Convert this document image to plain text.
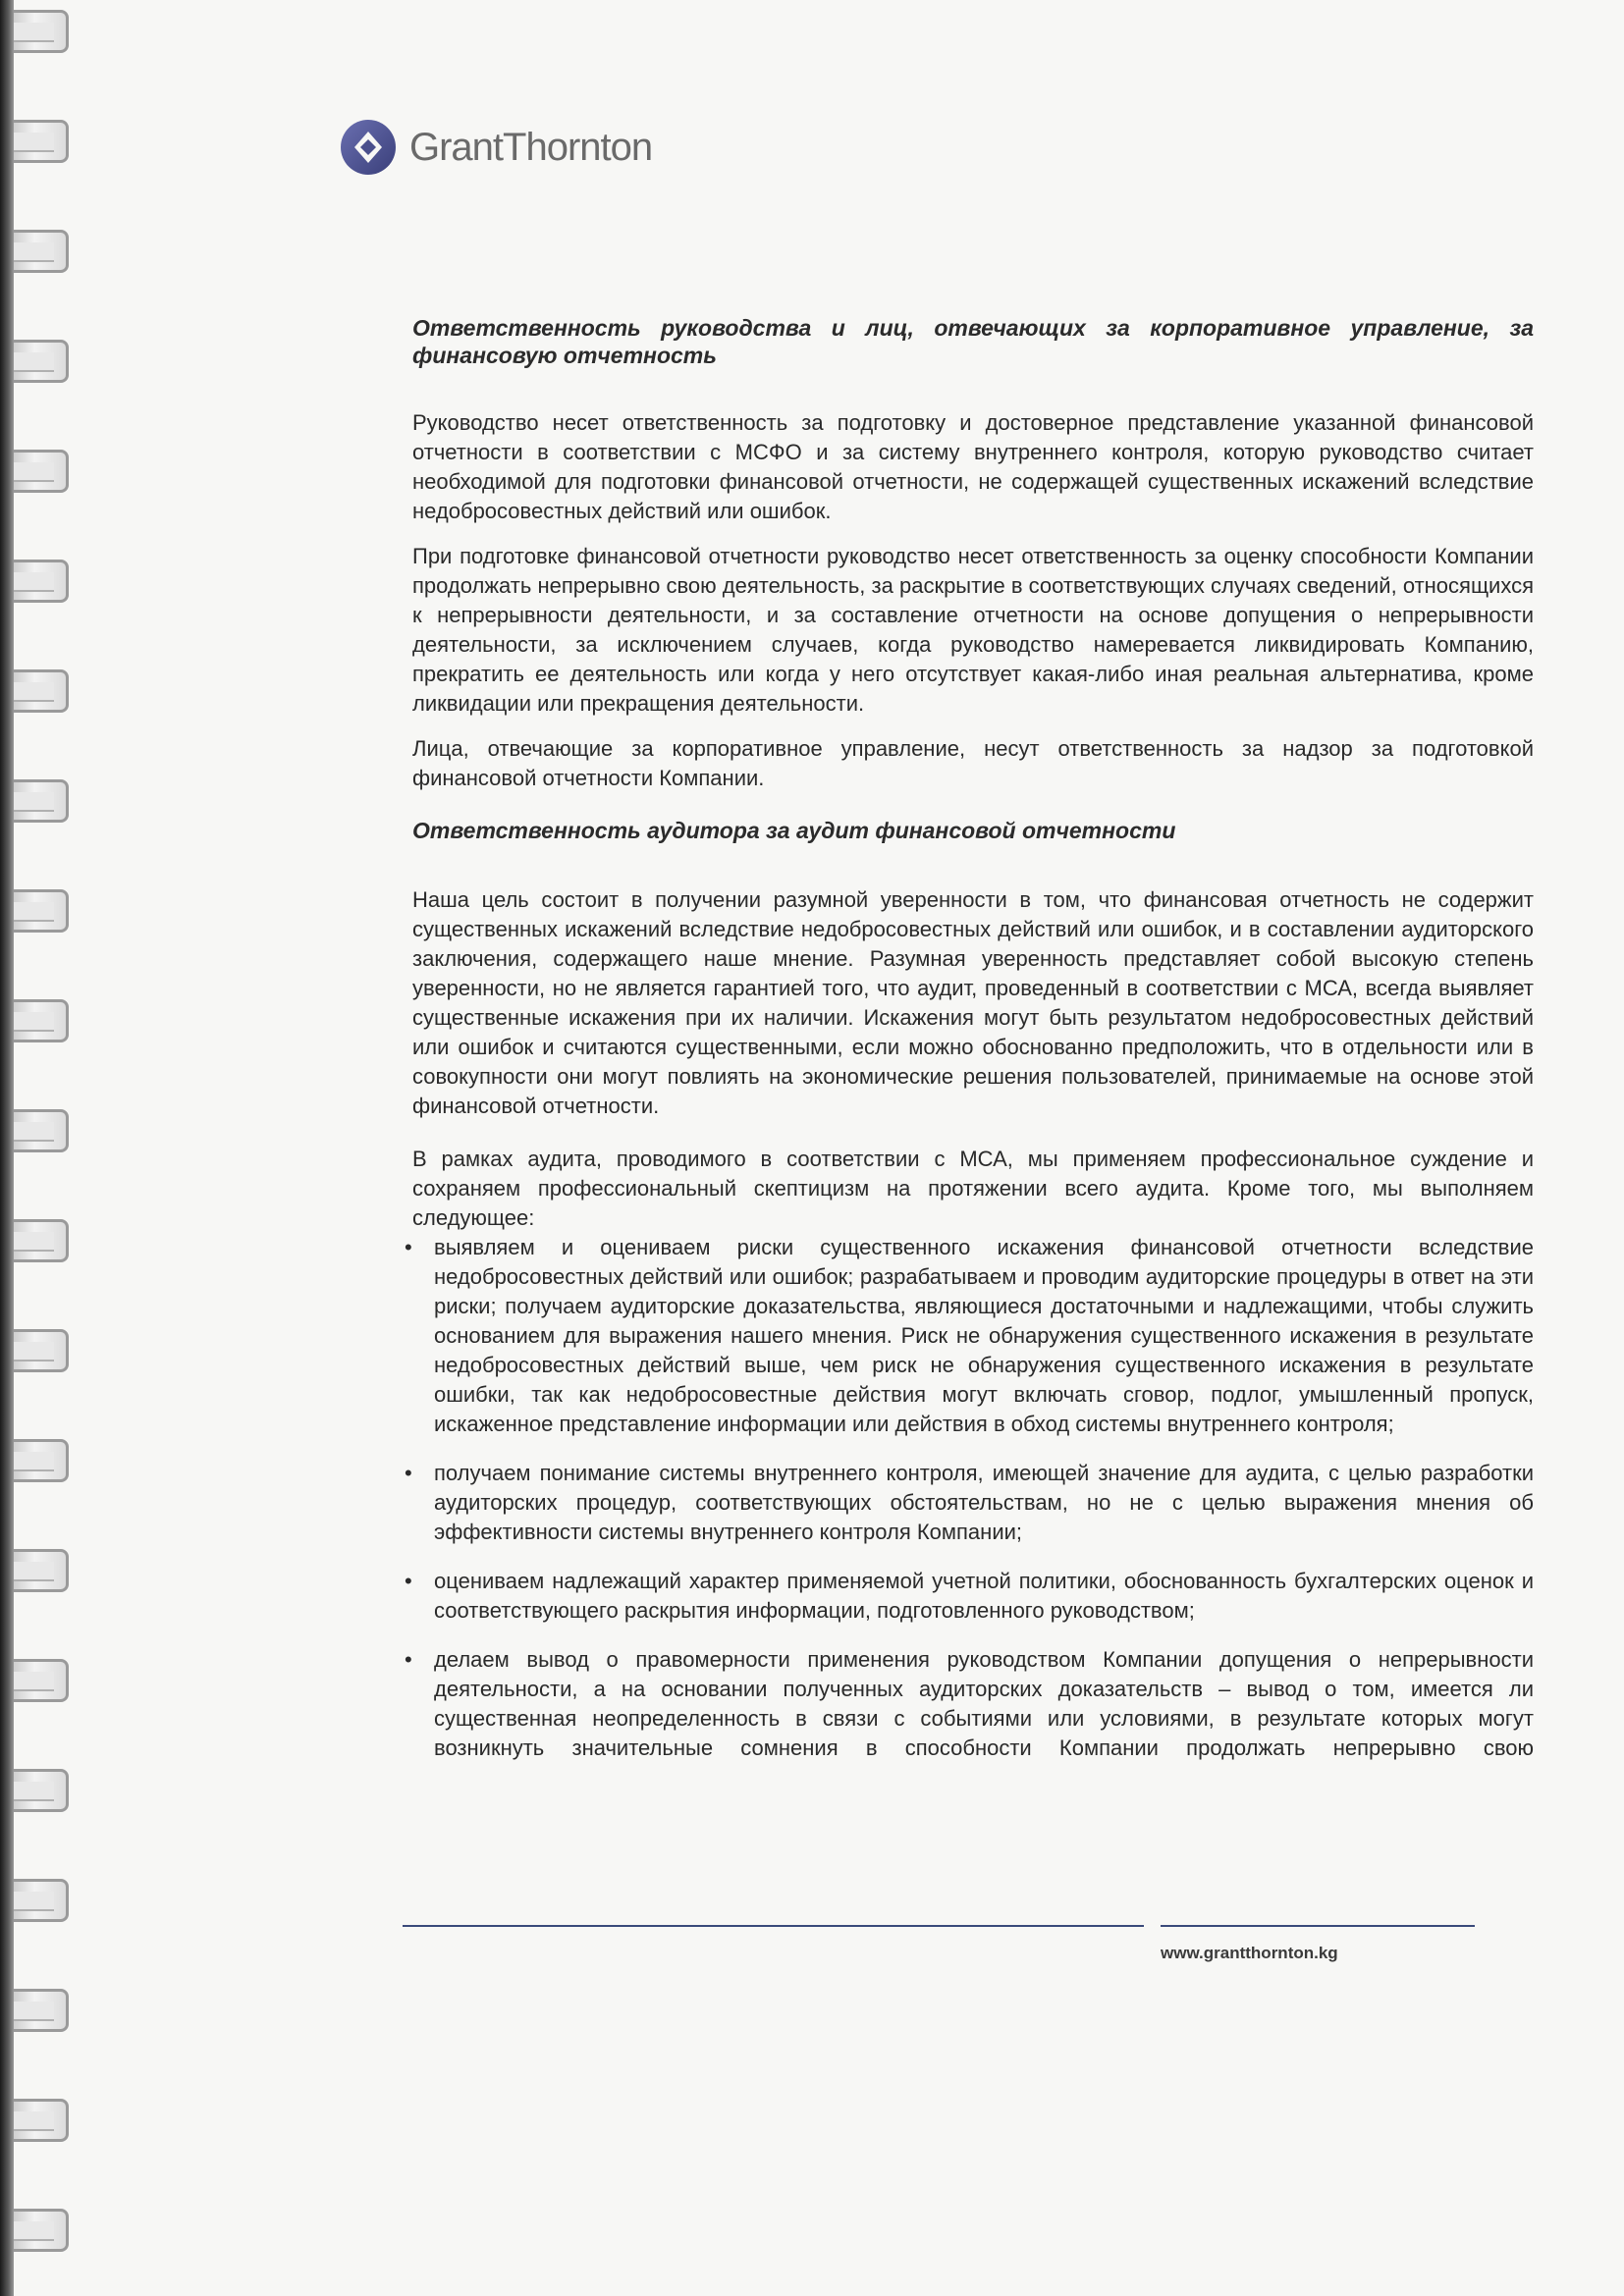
GrantThornton
Ответственность руководства и лиц, отвечающих за корпоративное управление, за финансовую отчетность

Руководство несет ответственность за подготовку и достоверное представление указанной финансовой отчетности в соответствии с МСФО и за систему внутреннего контроля, которую руководство считает необходимой для подготовки финансовой отчетности, не содержащей существенных искажений вследствие недобросовестных действий или ошибок.

При подготовке финансовой отчетности руководство несет ответственность за оценку способности Компании продолжать непрерывно свою деятельность, за раскрытие в соответствующих случаях сведений, относящихся к непрерывности деятельности, и за составление отчетности на основе допущения о непрерывности деятельности, за исключением случаев, когда руководство намеревается ликвидировать Компанию, прекратить ее деятельность или когда у него отсутствует какая-либо иная реальная альтернатива, кроме ликвидации или прекращения деятельности.

Лица, отвечающие за корпоративное управление, несут ответственность за надзор за подготовкой финансовой отчетности Компании.

Ответственность аудитора за аудит финансовой отчетности

Наша цель состоит в получении разумной уверенности в том, что финансовая отчетность не содержит существенных искажений вследствие недобросовестных действий или ошибок, и в составлении аудиторского заключения, содержащего наше мнение. Разумная уверенность представляет собой высокую степень уверенности, но не является гарантией того, что аудит, проведенный в соответствии с МСА, всегда выявляет существенные искажения при их наличии. Искажения могут быть результатом недобросовестных действий или ошибок и считаются существенными, если можно обоснованно предположить, что в отдельности или в совокупности они могут повлиять на экономические решения пользователей, принимаемые на основе этой финансовой отчетности.

В рамках аудита, проводимого в соответствии с МСА, мы применяем профессиональное суждение и сохраняем профессиональный скептицизм на протяжении всего аудита. Кроме того, мы выполняем следующее:

• выявляем и оцениваем риски существенного искажения финансовой отчетности вследствие недобросовестных действий или ошибок; разрабатываем и проводим аудиторские процедуры в ответ на эти риски; получаем аудиторские доказательства, являющиеся достаточными и надлежащими, чтобы служить основанием для выражения нашего мнения. Риск не обнаружения существенного искажения в результате недобросовестных действий выше, чем риск не обнаружения существенного искажения в результате ошибки, так как недобросовестные действия могут включать сговор, подлог, умышленный пропуск, искаженное представление информации или действия в обход системы внутреннего контроля;
• получаем понимание системы внутреннего контроля, имеющей значение для аудита, с целью разработки аудиторских процедур, соответствующих обстоятельствам, но не с целью выражения мнения об эффективности системы внутреннего контроля Компании;
• оцениваем надлежащий характер применяемой учетной политики, обоснованность бухгалтерских оценок и соответствующего раскрытия информации, подготовленного руководством;
• делаем вывод о правомерности применения руководством Компании допущения о непрерывности деятельности, а на основании полученных аудиторских доказательств – вывод о том, имеется ли существенная неопределенность в связи с событиями или условиями, в результате которых могут возникнуть значительные сомнения в способности Компании продолжать непрерывно свою
www.grantthornton.kg
